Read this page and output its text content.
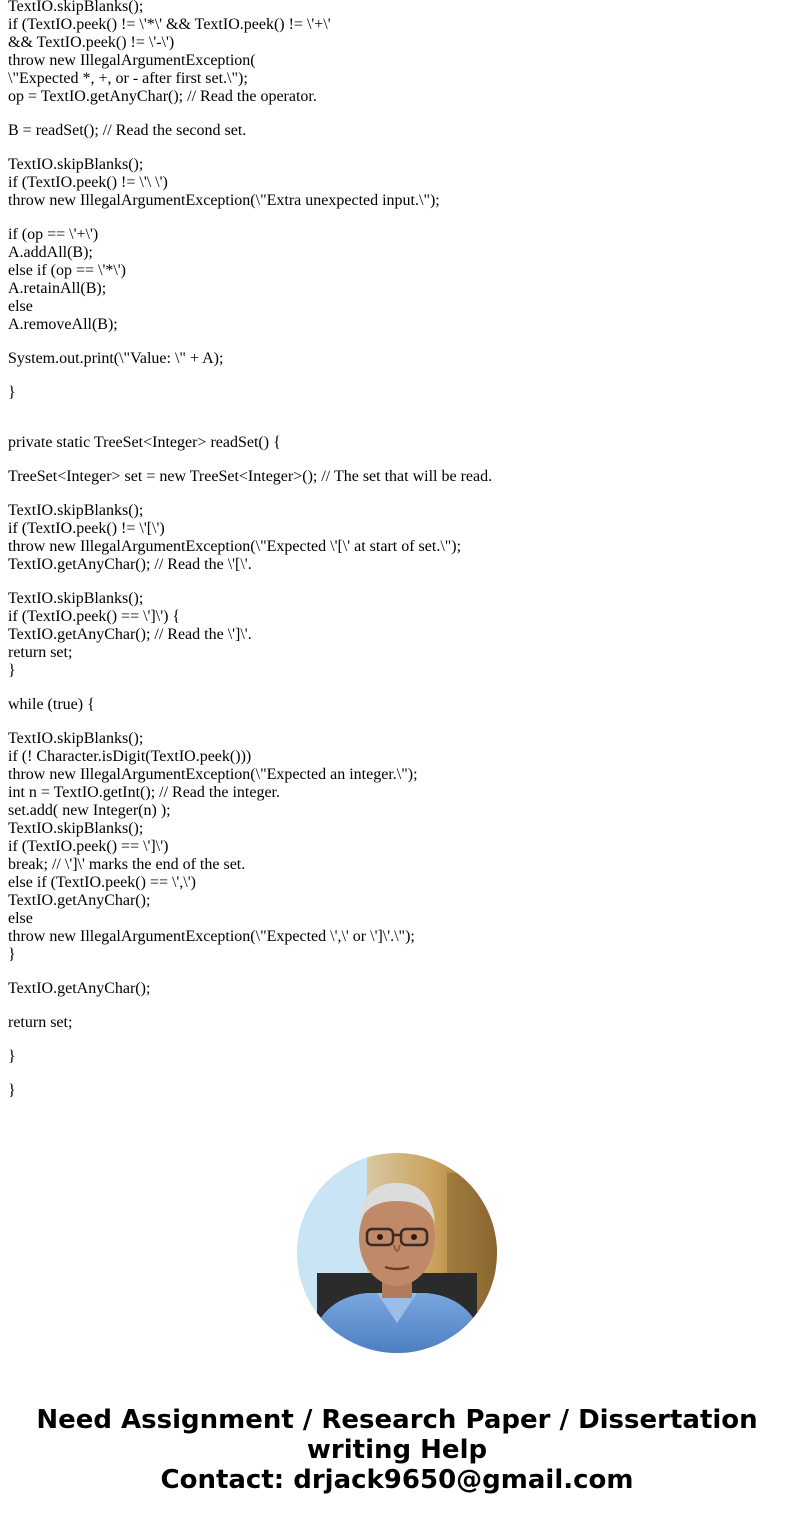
TextIO.skipBlanks();
if (TextIO.peek() != \'*\' && TextIO.peek() != \'+\'
&& TextIO.peek() != \'-\')
throw new IllegalArgumentException(
\"Expected *, +, or - after first set.\");
op = TextIO.getAnyChar(); // Read the operator.
B = readSet(); // Read the second set.
TextIO.skipBlanks();
if (TextIO.peek() != \'\ \')
throw new IllegalArgumentException(\"Extra unexpected input.\");
if (op == \'+\')
A.addAll(B);
else if (op == \'*\')
A.retainAll(B);
else
A.removeAll(B);
System.out.print(\"Value: \" + A);
}
private static TreeSet<Integer> readSet() {
TreeSet<Integer> set = new TreeSet<Integer>(); // The set that will be read.
TextIO.skipBlanks();
if (TextIO.peek() != \'[\')
throw new IllegalArgumentException(\"Expected \'[\' at start of set.\");
TextIO.getAnyChar(); // Read the \'[\'.
TextIO.skipBlanks();
if (TextIO.peek() == \']\') {
TextIO.getAnyChar(); // Read the \']\'.
return set;
}
while (true) {
TextIO.skipBlanks();
if (! Character.isDigit(TextIO.peek()))
throw new IllegalArgumentException(\"Expected an integer.\");
int n = TextIO.getInt(); // Read the integer.
set.add( new Integer(n) );
TextIO.skipBlanks();
if (TextIO.peek() == \']\')
break; // \']\' marks the end of the set.
else if (TextIO.peek() == \',\')
TextIO.getAnyChar();
else
throw new IllegalArgumentException(\"Expected \',\' or \']\'.\");
}
TextIO.getAnyChar();
return set;
}
}
Need Assignment / Research Paper / Dissertation
writing Help
Contact: drjack9650@gmail.com
